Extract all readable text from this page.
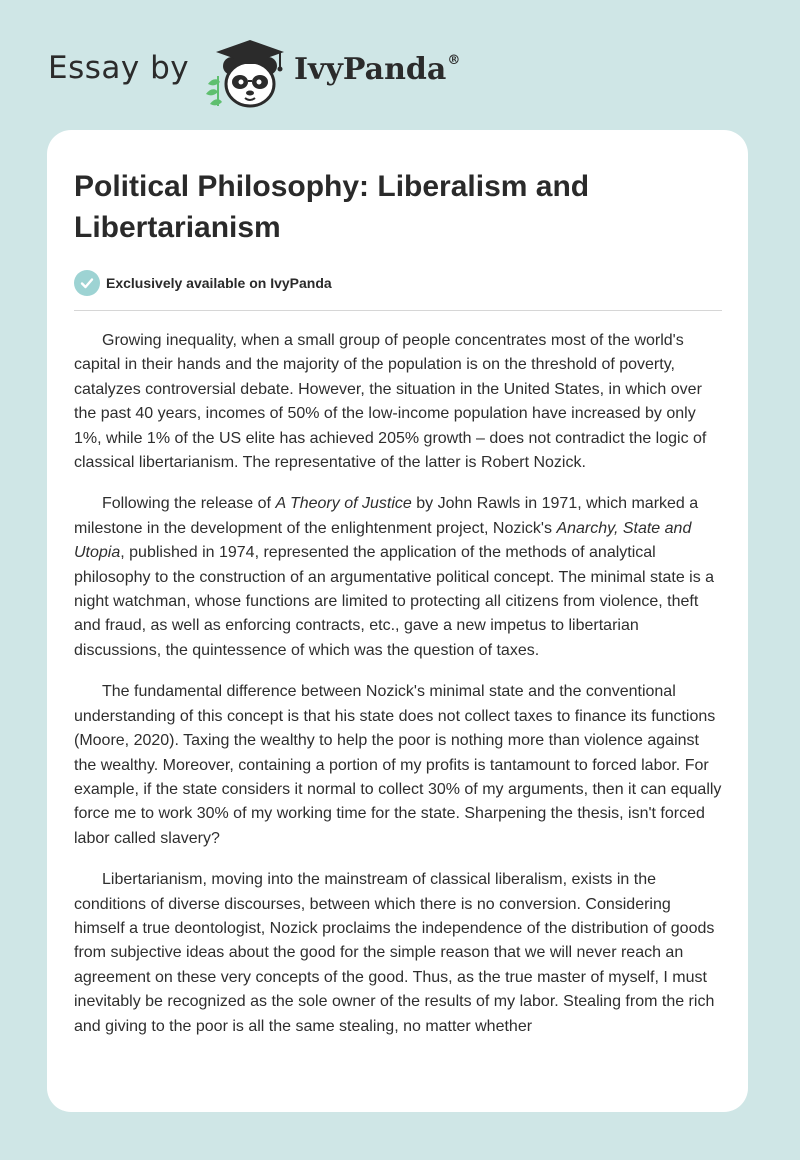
Essay by	IvyPanda®
Political Philosophy: Liberalism and Libertarianism
Exclusively available on IvyPanda

Growing inequality, when a small group of people concentrates most of the world's capital in their hands and the majority of the population is on the threshold of poverty, catalyzes controversial debate. However, the situation in the United States, in which over the past 40 years, incomes of 50% of the low-income population have increased by only 1%, while 1% of the US elite has achieved 205% growth – does not contradict the logic of classical libertarianism. The representative of the latter is Robert Nozick.

Following the release of A Theory of Justice by John Rawls in 1971, which marked a milestone in the development of the enlightenment project, Nozick's Anarchy, State and Utopia, published in 1974, represented the application of the methods of analytical philosophy to the construction of an argumentative political concept. The minimal state is a night watchman, whose functions are limited to protecting all citizens from violence, theft and fraud, as well as enforcing contracts, etc., gave a new impetus to libertarian discussions, the quintessence of which was the question of taxes.

The fundamental difference between Nozick's minimal state and the conventional understanding of this concept is that his state does not collect taxes to finance its functions (Moore, 2020). Taxing the wealthy to help the poor is nothing more than violence against the wealthy. Moreover, containing a portion of my profits is tantamount to forced labor. For example, if the state considers it normal to collect 30% of my arguments, then it can equally force me to work 30% of my working time for the state. Sharpening the thesis, isn't forced labor called slavery?

Libertarianism, moving into the mainstream of classical liberalism, exists in the conditions of diverse discourses, between which there is no conversion. Considering himself a true deontologist, Nozick proclaims the independence of the distribution of goods from subjective ideas about the good for the simple reason that we will never reach an agreement on these very concepts of the good. Thus, as the true master of myself, I must inevitably be recognized as the sole owner of the results of my labor. Stealing from the rich and giving to the poor is all the same stealing, no matter whether
